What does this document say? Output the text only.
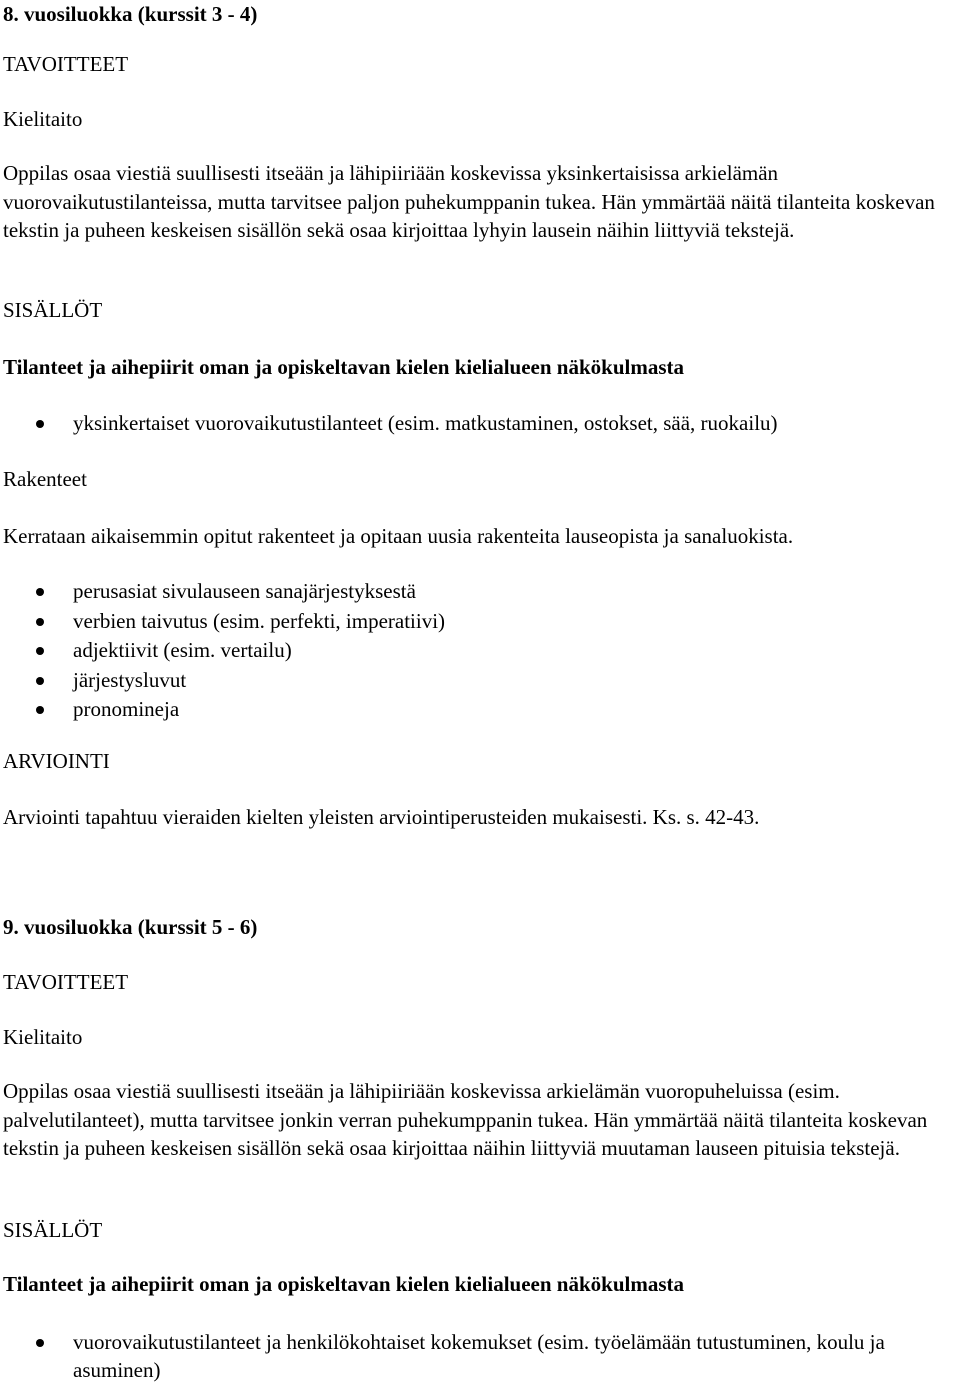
8. vuosiluokka (kurssit 3 - 4)
TAVOITTEET
Kielitaito
Oppilas osaa viestiä suullisesti itseään ja lähipiiriään koskevissa yksinkertaisissa arkielämän vuorovaikutustilanteissa, mutta tarvitsee paljon puhekumppanin tukea. Hän ymmärtää näitä tilanteita koskevan tekstin ja puheen keskeisen sisällön sekä osaa kirjoittaa lyhyin lausein näihin liittyviä tekstejä.
SISÄLLÖT
Tilanteet ja aihepiirit oman ja opiskeltavan kielen kielialueen näkökulmasta
yksinkertaiset vuorovaikutustilanteet (esim. matkustaminen, ostokset, sää, ruokailu)
Rakenteet
Kerrataan aikaisemmin opitut rakenteet ja opitaan uusia rakenteita lauseopista ja sanaluokista.
perusasiat sivulauseen sanajärjestyksestä
verbien taivutus (esim. perfekti, imperatiivi)
adjektiivit (esim. vertailu)
järjestysluvut
pronomineja
ARVIOINTI
Arviointi tapahtuu vieraiden kielten yleisten arviointiperusteiden mukaisesti. Ks. s. 42-43.
9. vuosiluokka (kurssit 5 - 6)
TAVOITTEET
Kielitaito
Oppilas osaa viestiä suullisesti itseään ja lähipiiriään koskevissa arkielämän vuoropuheluissa (esim. palvelutilanteet), mutta tarvitsee jonkin verran puhekumppanin tukea. Hän ymmärtää näitä tilanteita koskevan tekstin ja puheen keskeisen sisällön sekä osaa kirjoittaa näihin liittyviä muutaman lauseen pituisia tekstejä.
SISÄLLÖT
Tilanteet ja aihepiirit oman ja opiskeltavan kielen kielialueen näkökulmasta
vuorovaikutustilanteet ja henkilökohtaiset kokemukset (esim. työelämään tutustuminen, koulu ja asuminen)
